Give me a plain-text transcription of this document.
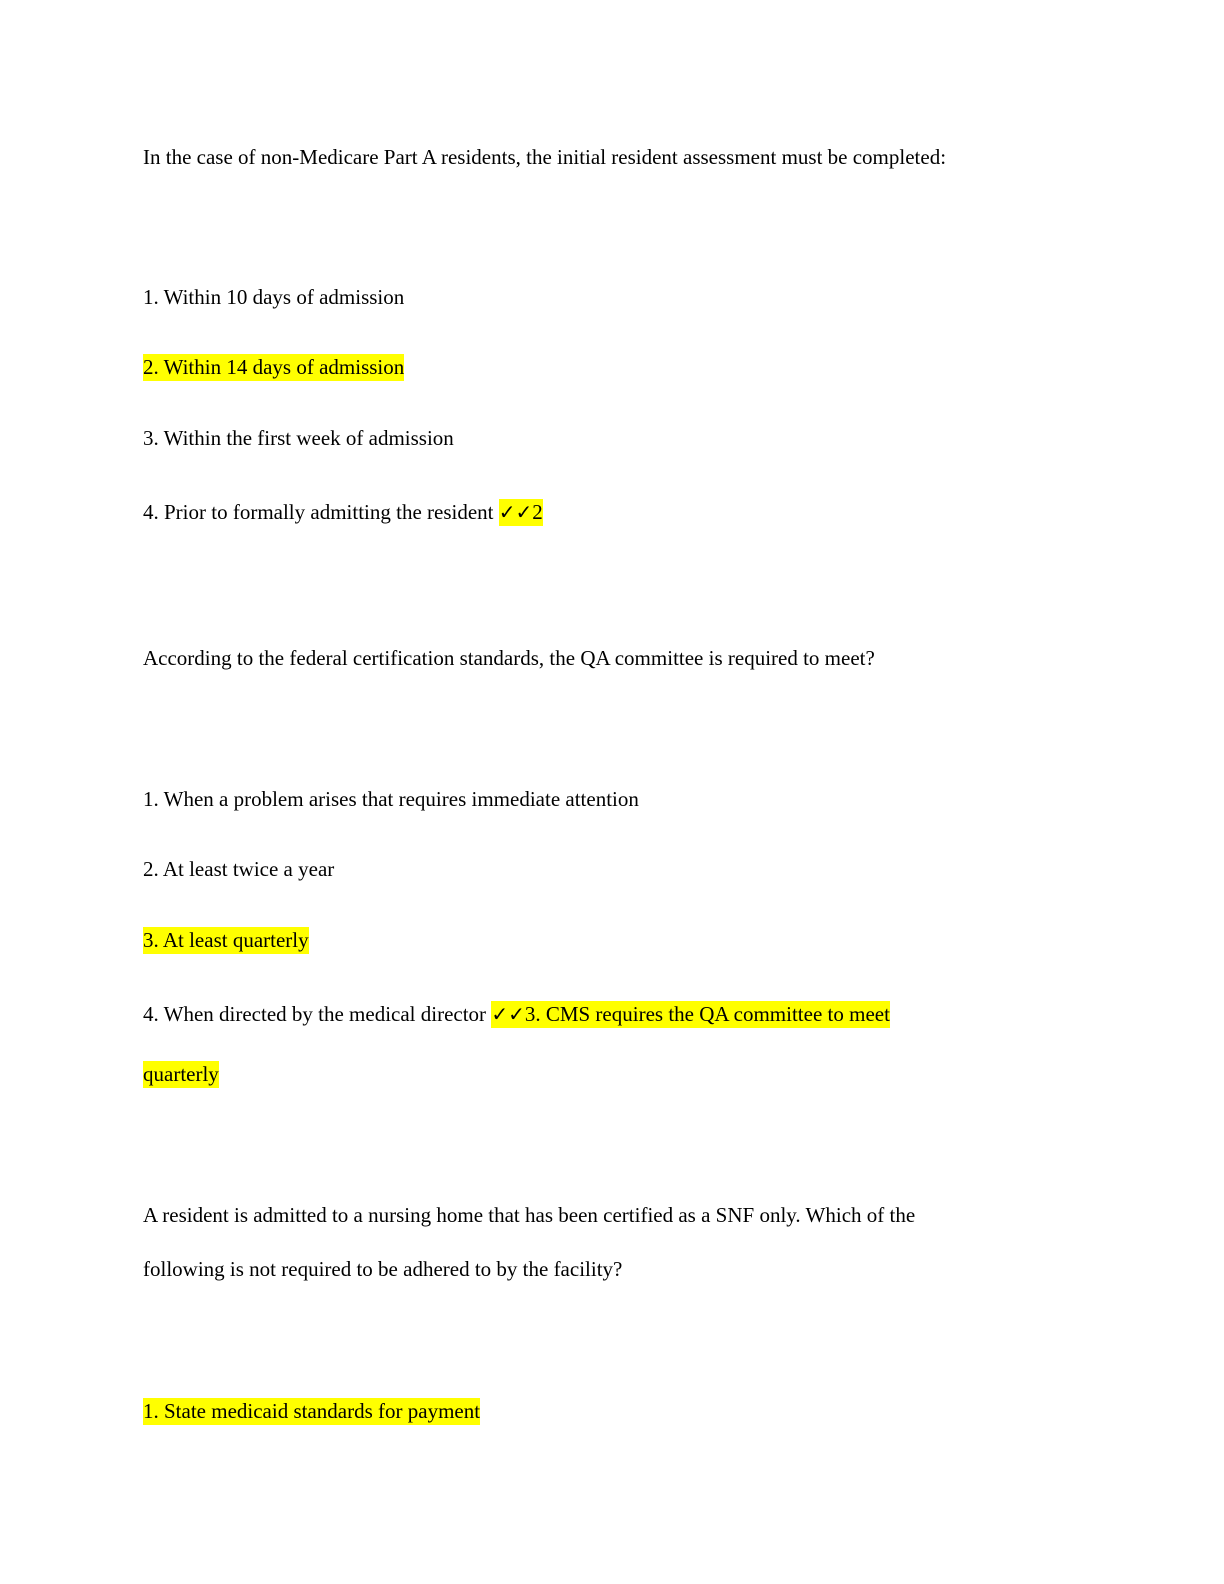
In the case of non-Medicare Part A residents, the initial resident assessment must be completed:
1. Within 10 days of admission
2. Within 14 days of admission
3. Within the first week of admission
4. Prior to formally admitting the resident ✓✓2
According to the federal certification standards, the QA committee is required to meet?
1. When a problem arises that requires immediate attention
2. At least twice a year
3. At least quarterly
4. When directed by the medical director ✓✓3. CMS requires the QA committee to meet
quarterly
A resident is admitted to a nursing home that has been certified as a SNF only. Which of the
following is not required to be adhered to by the facility?
1. State medicaid standards for payment
